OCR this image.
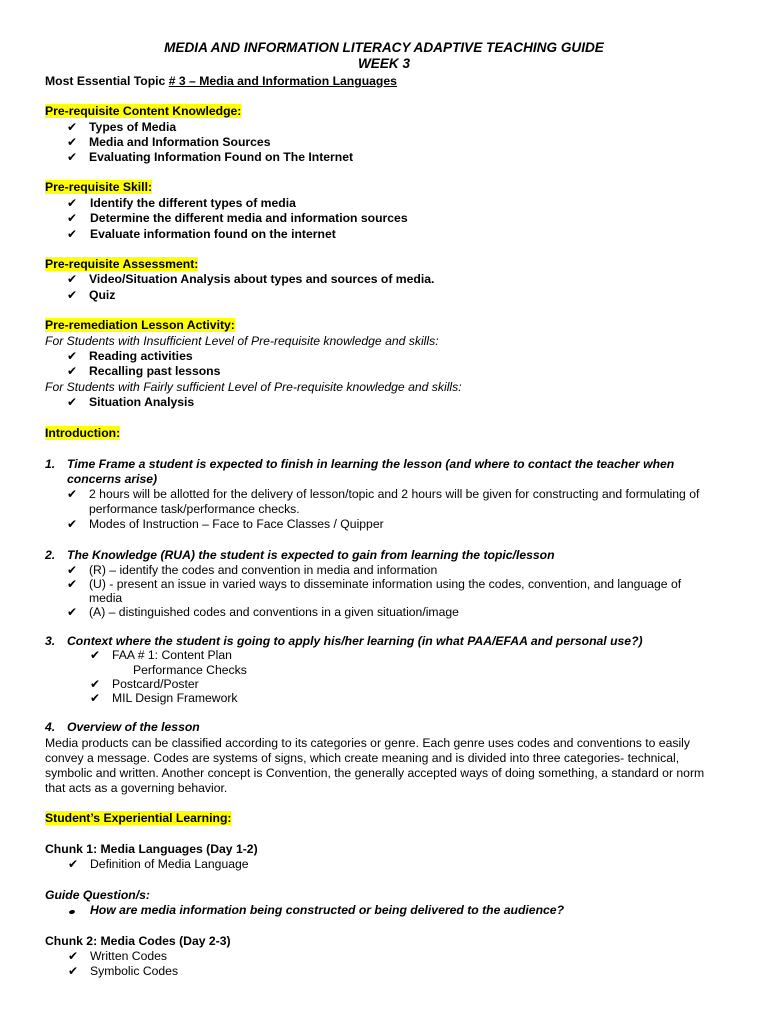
MEDIA AND INFORMATION LITERACY ADAPTIVE TEACHING GUIDE
WEEK 3
Most Essential Topic # 3 – Media and Information Languages
Pre-requisite Content Knowledge:
✔ Types of Media
✔ Media and Information Sources
✔ Evaluating Information Found on The Internet
Pre-requisite Skill:
✔ Identify the different types of media
✔ Determine the different media and information sources
✔ Evaluate information found on the internet
Pre-requisite Assessment:
✔ Video/Situation Analysis about types and sources of media.
✔ Quiz
Pre-remediation Lesson Activity:
For Students with Insufficient Level of Pre-requisite knowledge and skills:
✔ Reading activities
✔ Recalling past lessons
For Students with Fairly sufficient Level of Pre-requisite knowledge and skills:
✔ Situation Analysis
Introduction:
1. Time Frame a student is expected to finish in learning the lesson (and where to contact the teacher when
concerns arise)
✔ 2 hours will be allotted for the delivery of lesson/topic and 2 hours will be given for constructing and formulating of
performance task/performance checks.
✔ Modes of Instruction – Face to Face Classes / Quipper
2. The Knowledge (RUA) the student is expected to gain from learning the topic/lesson
✔ (R) – identify the codes and convention in media and information
✔ (U) - present an issue in varied ways to disseminate information using the codes, convention, and language of
media
✔ (A) – distinguished codes and conventions in a given situation/image
3. Context where the student is going to apply his/her learning (in what PAA/EFAA and personal use?)
✔ FAA # 1: Content Plan
Performance Checks
✔ Postcard/Poster
✔ MIL Design Framework
4. Overview of the lesson
Media products can be classified according to its categories or genre. Each genre uses codes and conventions to easily convey a message. Codes are systems of signs, which create meaning and is divided into three categories- technical, symbolic and written. Another concept is Convention, the generally accepted ways of doing something, a standard or norm that acts as a governing behavior.
Student’s Experiential Learning:
Chunk 1: Media Languages (Day 1-2)
✔ Definition of Media Language
Guide Question/s:
How are media information being constructed or being delivered to the audience?
Chunk 2: Media Codes (Day 2-3)
✔ Written Codes
✔ Symbolic Codes
